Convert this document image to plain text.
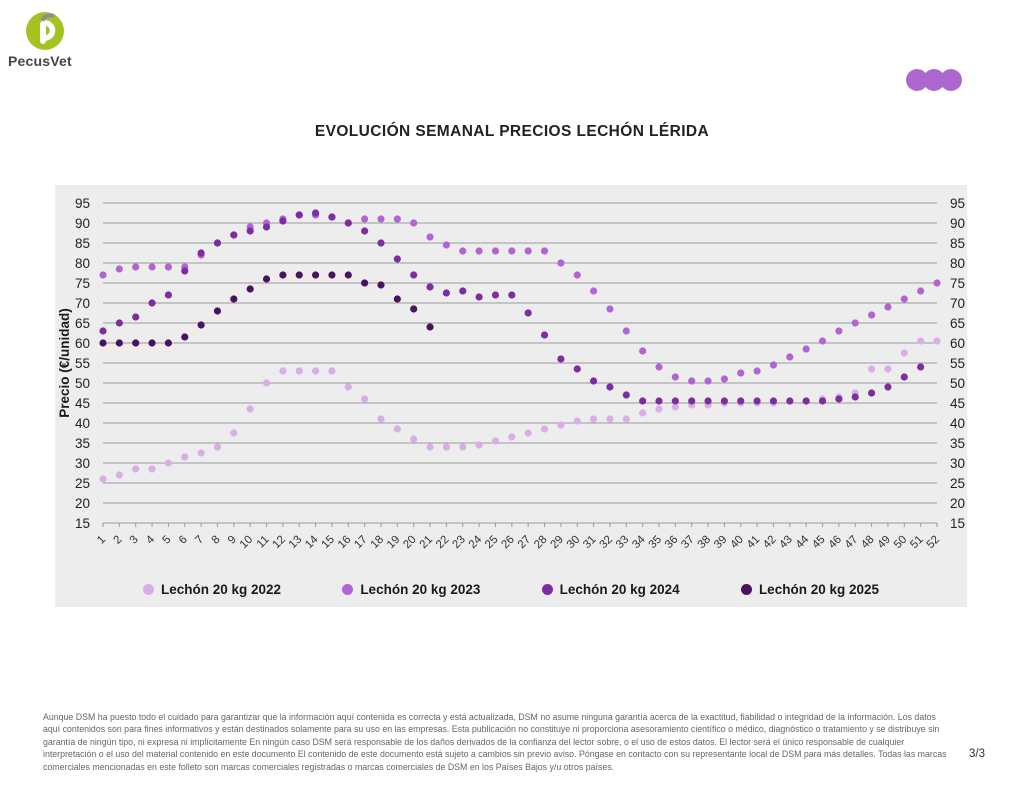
PecusVet
EVOLUCIÓN SEMANAL PRECIOS LECHÓN LÉRIDA
15	15
20	20
25	25
30	30
35	35
40	40
45	45
50	50
55	55
60	60
65	65
70	70
75	75
80	80
85	85
90	90
95	95
1 2 3 4 5 6 7 8 9
10 11
12
13
14
15
16
17
18
19
20
21
22
23
24
25
26
27
28
29
30
31
32
33
34
35
36
37
38
39
40
41
42
43
44
45
46
47
48
49
50
51
52
Precio (€/unidad)
Lechón 20 kg 2022	Lechón 20 kg 2023	Lechón 20 kg 2024	Lechón 20 kg 2025
Aunque DSM ha puesto todo el cuidado para garantizar que la información aquí contenida es correcta y está actualizada, DSM no asume ninguna garantía acerca de la exactitud, fiabilidad o integridad de la información. Los datos aquí contenidos son para fines informativos y están destinados solamente para su uso en las empresas. Esta publicación no constituye ni proporciona asesoramiento científico o médico, diagnóstico o tratamiento y se distribuye sin garantía de ningún tipo, ni expresa ni implícitamente En ningún caso DSM será responsable de los daños derivados de la confianza del lector sobre, o el uso de estos datos. El lector será el único responsable de cualquier interpretación o el uso del material contenido en este documento El contenido de este documento está sujeto a cambios sin previo aviso. Póngase en contacto con su representante local de DSM para más detalles. Todas las marcas comerciales mencionadas en este folleto son marcas comerciales registradas o marcas comerciales de DSM en los Países Bajos y/u otros países.
3/3
